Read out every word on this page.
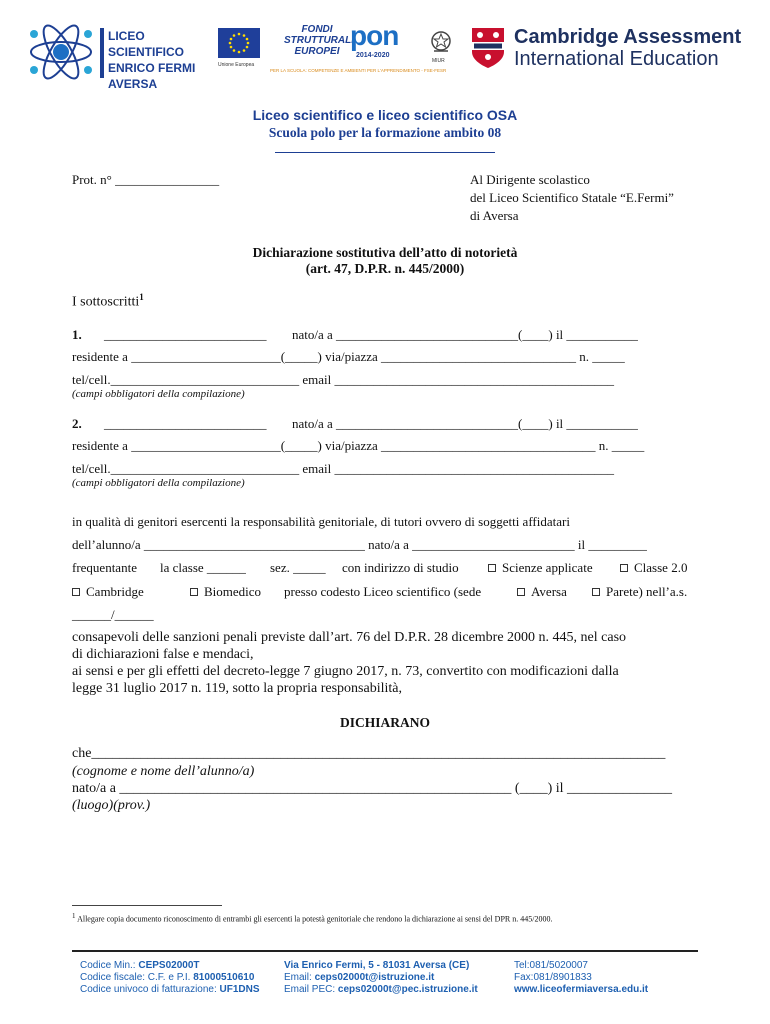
LICEO SCIENTIFICO
ENRICO FERMI
AVERSA
Unione Europea
FONDI
STRUTTURALI
EUROPEI
pon
2014-2020
PER LA SCUOLA: COMPETENZE E AMBIENTI PER L'APPRENDIMENTO - FSE-FESR
MIUR
Cambridge Assessment
International Education
Liceo scientifico e liceo scientifico OSA
Scuola polo per la formazione ambito 08
Prot. n° ________________	Al Dirigente scolastico
del Liceo Scientifico Statale “E.Fermi”
di Aversa
Dichiarazione sostitutiva dell’atto di notorietà
(art. 47, D.P.R. n. 445/2000)
I sottoscritti$^1$
1. _________________________ nato/a a ____________________________(____) il ___________
residente a _______________________(_____) via/piazza ______________________________ n. _____
tel/cell._____________________________ email ___________________________________________
(campi obbligatori della compilazione)
2. _________________________ nato/a a ____________________________(____) il ___________
residente a _______________________(_____) via/piazza _________________________________ n. _____
tel/cell._____________________________ email ___________________________________________
(campi obbligatori della compilazione)
in qualità di genitori esercenti la responsabilità genitoriale, di tutori ovvero di soggetti affidatari
dell’alunno/a __________________________________ nato/a a _________________________ il _________
frequentante la classe ______ sez. _____ con indirizzo di studio	Scienze applicate	Classe 2.0
Cambridge	Biomedico presso codesto Liceo scientifico (sede	Aversa	Parete) nell’a.s.
______/______
consapevoli delle sanzioni penali previste dall’art. 76 del D.P.R. 28 dicembre 2000 n. 445, nel caso
di dichiarazioni false e mendaci,
ai sensi e per gli effetti del decreto-legge 7 giugno 2017, n. 73, convertito con modificazioni dalla
legge 31 luglio 2017 n. 119, sotto la propria responsabilità,
DICHIARANO
che__________________________________________________________________________________
(cognome e nome dell’alunno/a)
nato/a a ________________________________________________________ (____) il _______________
(luogo)(prov.)
$^1$ Allegare copia documento riconoscimento di entrambi gli esercenti la potestà genitoriale che rendono la dichiarazione ai sensi del DPR n. 445/2000.
Codice Min.: CEPS02000T
Codice fiscale: C.F. e P.I. 81000510610
Codice univoco di fatturazione: UF1DNS
Via Enrico Fermi, 5 - 81031 Aversa (CE)
Email: ceps02000t@istruzione.it
Email PEC: ceps02000t@pec.istruzione.it
Tel:081/5020007
Fax:081/8901833
www.liceofermiaversa.edu.it
